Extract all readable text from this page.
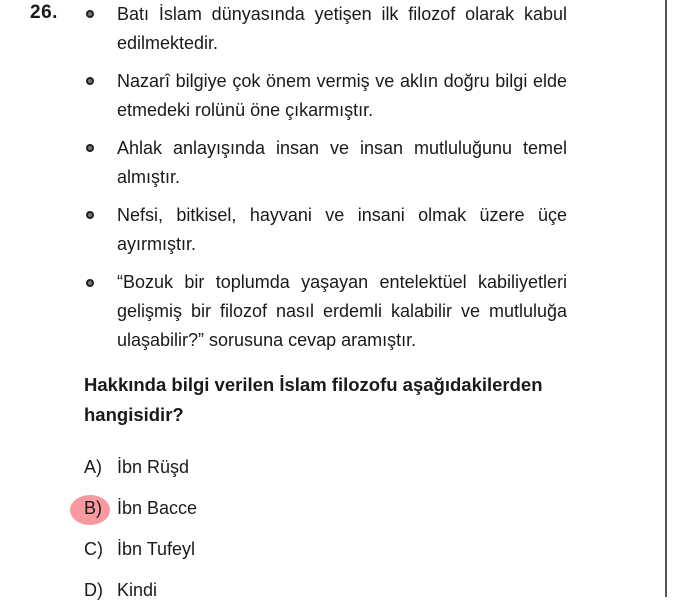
26.	Batı İslam dünyasında yetişen ilk filozof olarak kabul edilmektedir.
Nazarî bilgiye çok önem vermiş ve aklın doğru bilgi elde etmedeki rolünü öne çıkarmıştır.
Ahlak anlayışında insan ve insan mutluluğunu temel almıştır.
Nefsi, bitkisel, hayvani ve insani olmak üzere üçe ayırmıştır.
“Bozuk bir toplumda yaşayan entelektüel kabiliyetleri gelişmiş bir filozof nasıl erdemli kalabilir ve mutluluğa ulaşabilir?” sorusuna cevap aramıştır.
Hakkında bilgi verilen İslam filozofu aşağıdakilerden hangisidir?
A) İbn Rüşd
B) İbn Bacce
C) İbn Tufeyl
D) Kindi
